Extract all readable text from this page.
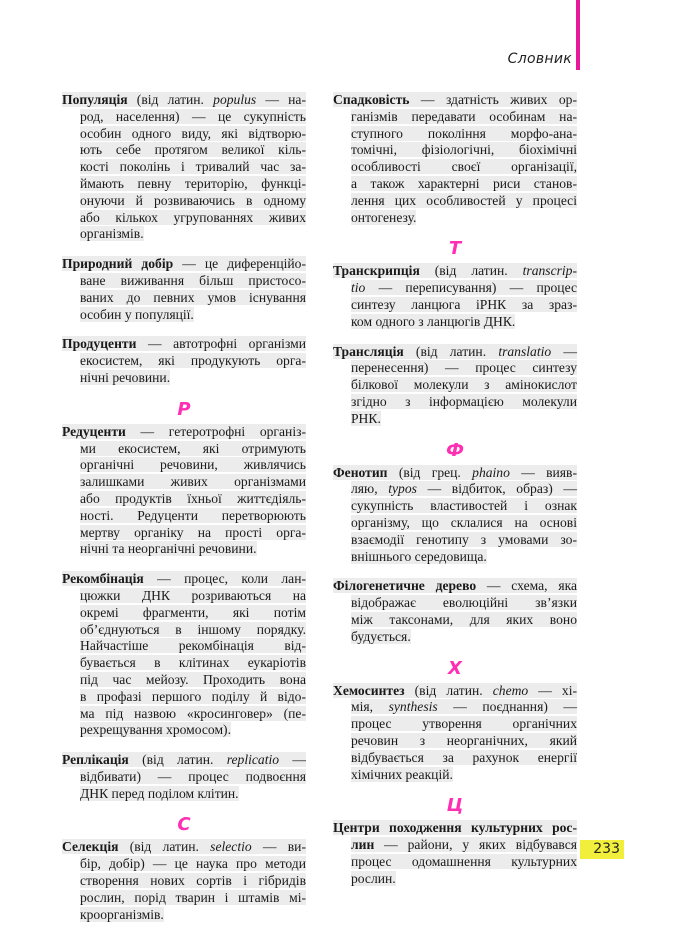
Словник
Популяція (від латин. populus — на-
род, населення) — це сукупність
особин одного виду, які відтворю-
ють себе протягом великої кіль-
кості поколінь і тривалий час за-
ймають певну територію, функці-
онуючи й розвиваючись в одному
або кількох угрупованнях живих
організмів.
Природний добір — це диференційо-
ване виживання більш пристосо-
ваних до певних умов існування
особин у популяції.
Продуценти — автотрофні організми
екосистем, які продукують орга-
нічні речовини.
Р
Редуценти — гетеротрофні організ-
ми екосистем, які отримують
органічні речовини, живлячись
залишками живих організмами
або продуктів їхньої життєдіяль-
ності. Редуценти перетворюють
мертву органіку на прості орга-
нічні та неорганічні речовини.
Рекомбінація — процес, коли лан-
цюжки ДНК розриваються на
окремі фрагменти, які потім
об’єднуються в іншому порядку.
Найчастіше рекомбінація від-
бувається в клітинах еукаріотів
під час мейозу. Проходить вона
в профазі першого поділу й відо-
ма під назвою «кросинговер» (пе-
рехрещування хромосом).
Реплікація (від латин. replicatio —
відбивати) — процес подвоєння
ДНК перед поділом клітин.
С
Селекція (від латин. selectio — ви-
бір, добір) — це наука про методи
створення нових сортів і гібридів
рослин, порід тварин і штамів мі-
кроорганізмів.
Спадковість — здатність живих ор-
ганізмів передавати особинам на-
ступного покоління морфо-ана-
томічні, фізіологічні, біохімічні
особливості своєї організації,
а також характерні риси станов-
лення цих особливостей у процесі
онтогенезу.
Т
Транскрипція (від латин. transcrip-
tio — переписування) — процес
синтезу ланцюга іРНК за зраз-
ком одного з ланцюгів ДНК.
Трансляція (від латин. translatio —
перенесення) — процес синтезу
білкової молекули з амінокислот
згідно з інформацією молекули
РНК.
Ф
Фенотип (від грец. phaino — вияв-
ляю, typos — відбиток, образ) —
сукупність властивостей і ознак
організму, що склалися на основі
взаємодії генотипу з умовами зо-
внішнього середовища.
Філогенетичне дерево — схема, яка
відображає еволюційні зв’язки
між таксонами, для яких воно
будується.
Х
Хемосинтез (від латин. chemo — хі-
мія, synthesis — поєднання) —
процес утворення органічних
речовин з неорганічних, який
відбувається за рахунок енергії
хімічних реакцій.
Ц
Центри походження культурних рос-
лин — райони, у яких відбувався
процес одомашнення культурних
рослин.
233
